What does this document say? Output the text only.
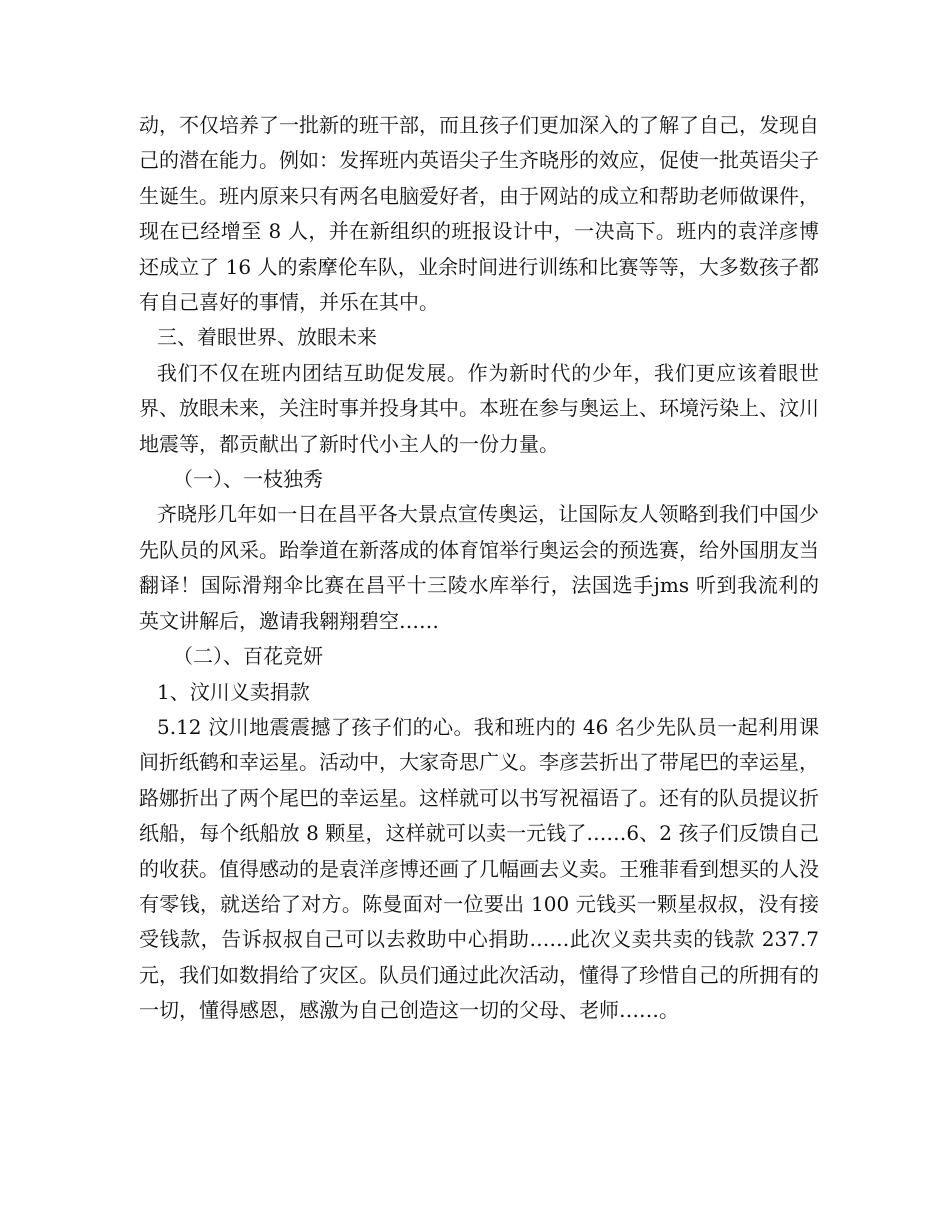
动，不仅培养了一批新的班干部，而且孩子们更加深入的了解了自己，发现自己的潜在能力。例如：发挥班内英语尖子生齐晓彤的效应，促使一批英语尖子生诞生。班内原来只有两名电脑爱好者，由于网站的成立和帮助老师做课件，现在已经增至 8 人，并在新组织的班报设计中，一决高下。班内的袁洋彦博还成立了 16 人的索摩伦车队，业余时间进行训练和比赛等等，大多数孩子都有自己喜好的事情，并乐在其中。

三、着眼世界、放眼未来

我们不仅在班内团结互助促发展。作为新时代的少年，我们更应该着眼世界、放眼未来，关注时事并投身其中。本班在参与奥运上、环境污染上、汶川地震等，都贡献出了新时代小主人的一份力量。

（一）、一枝独秀

齐晓彤几年如一日在昌平各大景点宣传奥运，让国际友人领略到我们中国少先队员的风采。跆拳道在新落成的体育馆举行奥运会的预选赛，给外国朋友当翻译！国际滑翔伞比赛在昌平十三陵水库举行，法国选手jms 听到我流利的英文讲解后，邀请我翱翔碧空……

（二）、百花竞妍

1、汶川义卖捐款

5.12 汶川地震震撼了孩子们的心。我和班内的 46 名少先队员一起利用课间折纸鹤和幸运星。活动中，大家奇思广义。李彦芸折出了带尾巴的幸运星，路娜折出了两个尾巴的幸运星。这样就可以书写祝福语了。还有的队员提议折纸船，每个纸船放 8 颗星，这样就可以卖一元钱了……6、2 孩子们反馈自己的收获。值得感动的是袁洋彦博还画了几幅画去义卖。王雅菲看到想买的人没有零钱，就送给了对方。陈曼面对一位要出 100 元钱买一颗星叔叔，没有接受钱款，告诉叔叔自己可以去救助中心捐助……此次义卖共卖的钱款 237.7 元，我们如数捐给了灾区。队员们通过此次活动，懂得了珍惜自己的所拥有的一切，懂得感恩，感激为自己创造这一切的父母、老师……。
